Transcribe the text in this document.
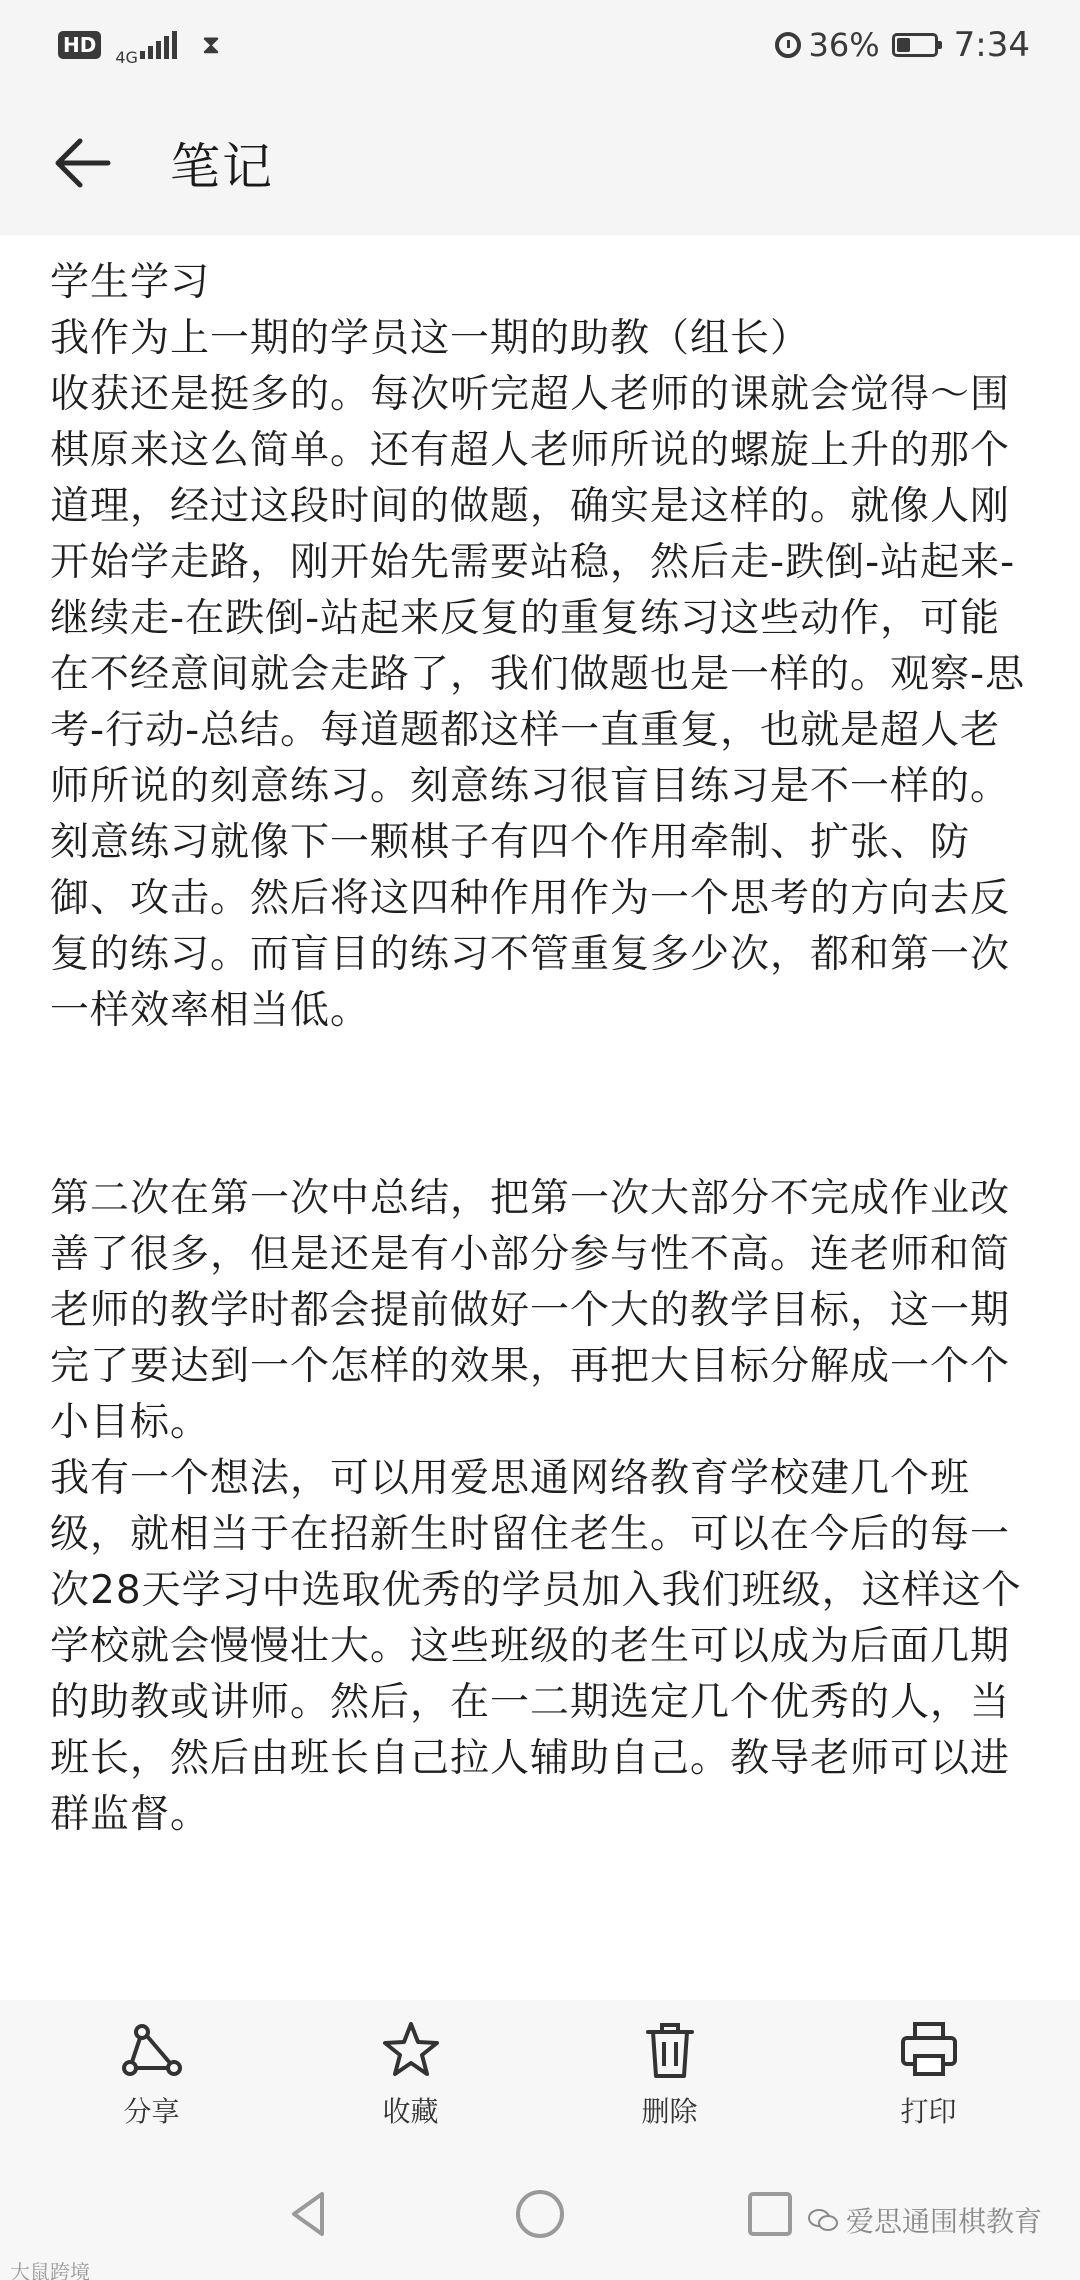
HD
4G ⧗	36% 7:34
笔记

学生学习

我作为上一期的学员这一期的助教（组长）

收获还是挺多的。每次听完超人老师的课就会觉得～围棋原来这么简单。还有超人老师所说的螺旋上升的那个道理，经过这段时间的做题，确实是这样的。就像人刚开始学走路，刚开始先需要站稳，然后走-跌倒-站起来-继续走-在跌倒-站起来反复的重复练习这些动作，可能在不经意间就会走路了，我们做题也是一样的。观察-思考-行动-总结。每道题都这样一直重复，也就是超人老师所说的刻意练习。刻意练习很盲目练习是不一样的。刻意练习就像下一颗棋子有四个作用牵制、扩张、防御、攻击。然后将这四种作用作为一个思考的方向去反复的练习。而盲目的练习不管重复多少次，都和第一次一样效率相当低。

第二次在第一次中总结，把第一次大部分不完成作业改善了很多，但是还是有小部分参与性不高。连老师和简老师的教学时都会提前做好一个大的教学目标，这一期完了要达到一个怎样的效果，再把大目标分解成一个个小目标。

我有一个想法，可以用爱思通网络教育学校建几个班级，就相当于在招新生时留住老生。可以在今后的每一次28天学习中选取优秀的学员加入我们班级，这样这个学校就会慢慢壮大。这些班级的老生可以成为后面几期的助教或讲师。然后，在一二期选定几个优秀的人，当班长，然后由班长自己拉人辅助自己。教导老师可以进群监督。

分享	收藏	删除	打印
大鼠跨境
爱思通围棋教育
